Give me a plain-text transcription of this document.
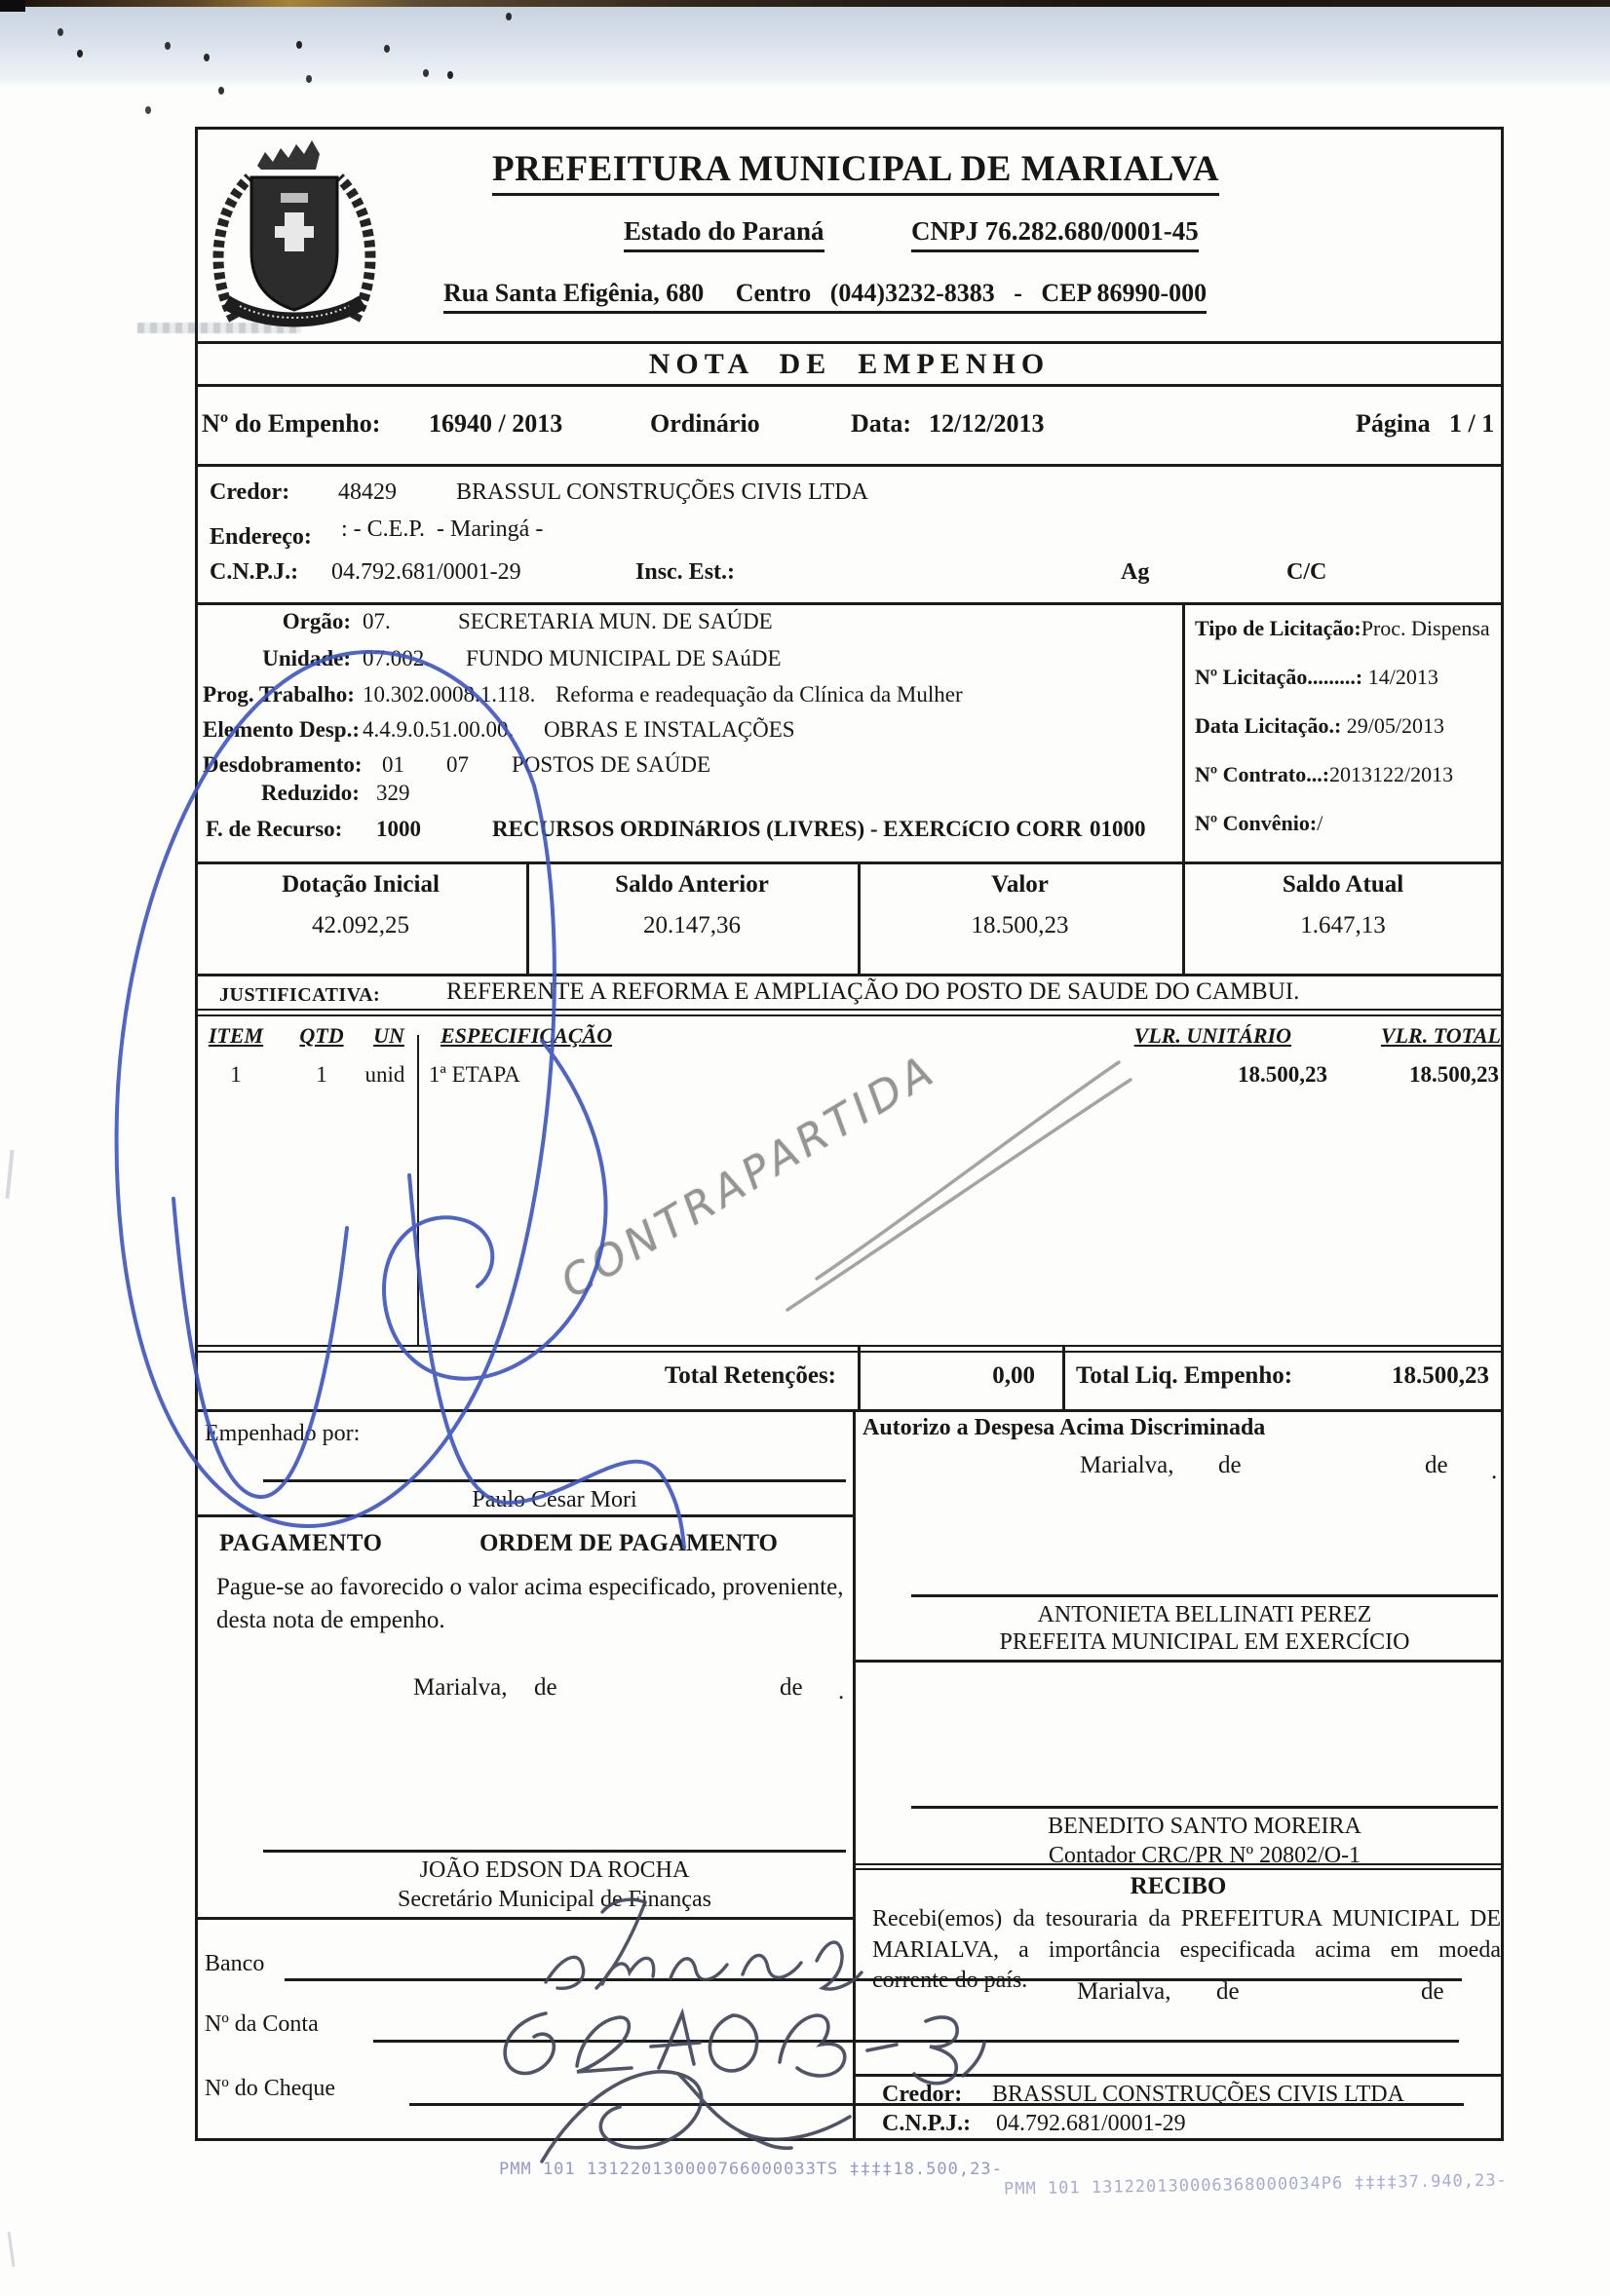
PREFEITURA MUNICIPAL DE MARIALVA
Estado do Paraná	CNPJ 76.282.680/0001-45
Rua Santa Efigênia, 680     Centro   (044)3232-8383   -   CEP 86990-000
NOTA  DE  EMPENHO
Nº do Empenho: 16940 / 2013	Ordinário	Data: 12/12/2013	Página 1 / 1
Credor: 48429	BRASSUL CONSTRUÇÕES CIVIS LTDA
Endereço: : - C.E.P.  - Maringá -
C.N.P.J.: 04.792.681/0001-29	Insc. Est.:	Ag	C/C
Orgão: 07.	SECRETARIA MUN. DE SAÚDE
Unidade: 07.002. FUNDO MUNICIPAL DE SAúDE
Prog. Trabalho: 10.302.0008.1.118. Reforma e readequação da Clínica da Mulher
Elemento Desp.: 4.4.9.0.51.00.00. OBRAS E INSTALAÇÕES
Desdobramento: 01 07 POSTOS DE SAÚDE
Reduzido: 329
F. de Recurso: 1000	RECURSOS ORDINáRIOS (LIVRES) - EXERCíCIO CORR 01000
Tipo de Licitação:Proc. Dispensa
Nº Licitação.........: 14/2013
Data Licitação.: 29/05/2013
Nº Contrato...:2013122/2013
Nº Convênio:/
Dotação Inicial	Saldo Anterior	Valor	Saldo Atual
42.092,25	20.147,36	18.500,23	1.647,13
JUSTIFICATIVA:	REFERENTE A REFORMA E AMPLIAÇÃO DO POSTO DE SAUDE DO CAMBUI.
ITEM	QTD	UN	ESPECIFICAÇÃO	VLR. UNITÁRIO	VLR. TOTAL
1	1	unid 1ª ETAPA	18.500,23	18.500,23
Total Retenções:	0,00 Total Liq. Empenho:	18.500,23
Empenhado por:
Paulo César Mori
PAGAMENTO	ORDEM DE PAGAMENTO
Pague-se ao favorecido o valor acima especificado, proveniente, desta nota de empenho.
Marialva, de	de .
JOÃO EDSON DA ROCHA
Secretário Municipal de Finanças
Banco
Nº da Conta
Nº do Cheque
Autorizo a Despesa Acima Discriminada
Marialva, de	de .
ANTONIETA BELLINATI PEREZ
PREFEITA MUNICIPAL EM EXERCÍCIO
BENEDITO SANTO MOREIRA
Contador CRC/PR Nº 20802/O-1
RECIBO
Recebi(emos) da tesouraria da PREFEITURA MUNICIPAL DE MARIALVA, a importância especificada acima em moeda corrente do país.	Marialva, de	de
Credor: BRASSUL CONSTRUÇÕES CIVIS LTDA
C.N.P.J.: 04.792.681/0001-29
PMM 101 131220130000766000033TS ‡‡‡‡18.500,23-
PMM 101 131220130006368000034P6 ‡‡‡‡37.940,23-
CONTRAPARTIDA
